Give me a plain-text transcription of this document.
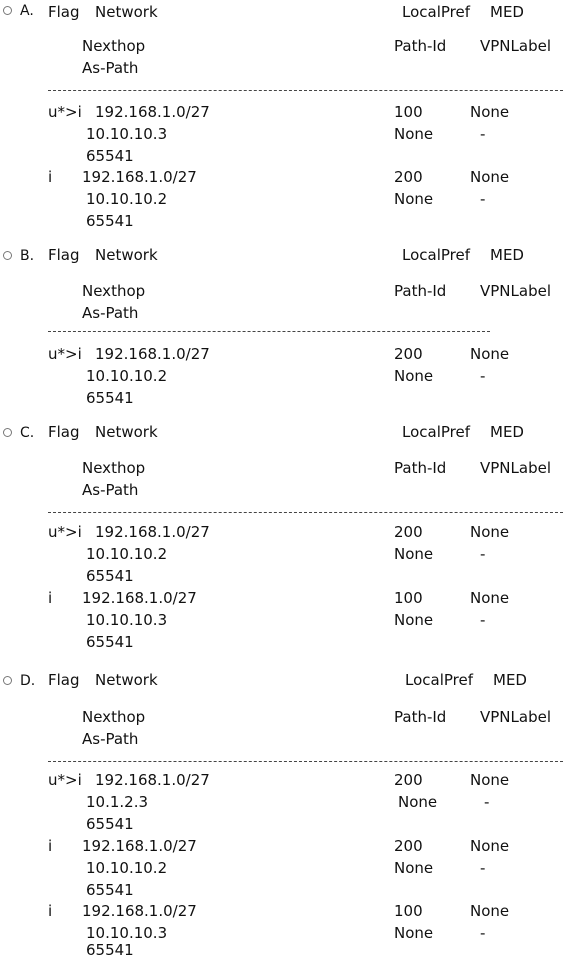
A. Flag Network	LocalPref MED
Nexthop	Path-Id VPNLabel
As-Path
u*>i 192.168.1.0/27	100	None
10.10.10.3	None	-
65541
i 192.168.1.0/27	200	None
10.10.10.2	None	-
65541
B. Flag Network	LocalPref MED
Nexthop	Path-Id VPNLabel
As-Path
u*>i 192.168.1.0/27	200	None
10.10.10.2	None	-
65541
C. Flag Network	LocalPref MED
Nexthop	Path-Id VPNLabel
As-Path
u*>i 192.168.1.0/27	200	None
10.10.10.2	None	-
65541
i 192.168.1.0/27	100	None
10.10.10.3	None	-
65541
D. Flag Network	LocalPref MED
Nexthop	Path-Id VPNLabel
As-Path
u*>i 192.168.1.0/27	200	None
10.1.2.3	None	-
65541
i 192.168.1.0/27	200	None
10.10.10.2	None	-
65541
i 192.168.1.0/27	100	None
10.10.10.3	None	-
65541
